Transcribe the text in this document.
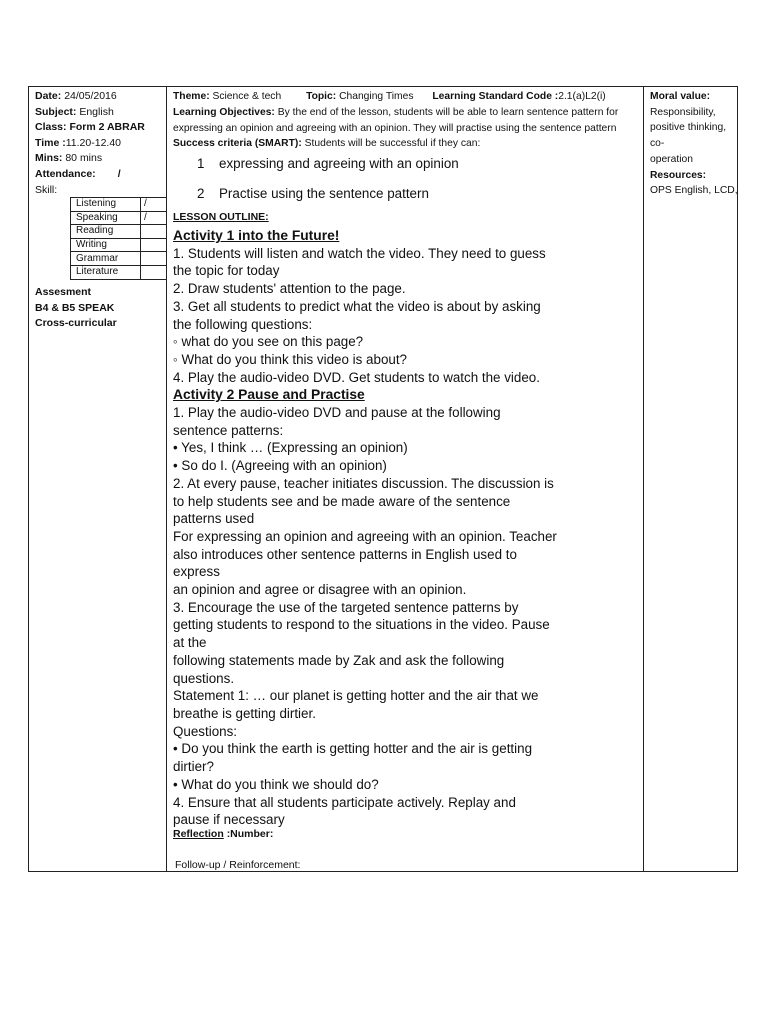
Date: 24/05/2016
Subject: English
Class: Form 2 ABRAR
Time :11.20-12.40
Mins: 80 mins
Attendance: /
Skill:
Listening	/
Speaking	/
Reading	
Writing	
Grammar	
Literature	
Assesment
B4 & B5 SPEAK
Cross-curricular
Theme: Science & tech Topic: Changing Times Learning Standard Code :2.1(a)L2(i)
Learning Objectives: By the end of the lesson, students will be able to learn sentence pattern for
expressing an opinion and agreeing with an opinion. They will practise using the sentence pattern
Success criteria (SMART): Students will be successful if they can:
1 expressing and agreeing with an opinion
2 Practise using the sentence pattern
LESSON OUTLINE:

Activity 1 into the Future!

1. Students will listen and watch the video. They need to guess

the topic for today

2. Draw students' attention to the page.

3. Get all students to predict what the video is about by asking

the following questions:

◦ what do you see on this page?

◦ What do you think this video is about?

4. Play the audio-video DVD. Get students to watch the video.

Activity 2 Pause and Practise

1. Play the audio-video DVD and pause at the following

sentence patterns:

• Yes, I think … (Expressing an opinion)

• So do I. (Agreeing with an opinion)

2. At every pause, teacher initiates discussion. The discussion is

to help students see and be made aware of the sentence

patterns used

For expressing an opinion and agreeing with an opinion. Teacher

also introduces other sentence patterns in English used to

express

an opinion and agree or disagree with an opinion.

3. Encourage the use of the targeted sentence patterns by

getting students to respond to the situations in the video. Pause

at the

following statements made by Zak and ask the following

questions.

Statement 1: … our planet is getting hotter and the air that we

breathe is getting dirtier.

Questions:

• Do you think the earth is getting hotter and the air is getting

dirtier?

• What do you think we should do?

4. Ensure that all students participate actively. Replay and

pause if necessary

Reflection :Number:
Follow-up / Reinforcement:
Moral value:
Responsibility,
positive thinking, co-
operation
Resources:
OPS English, LCD,
